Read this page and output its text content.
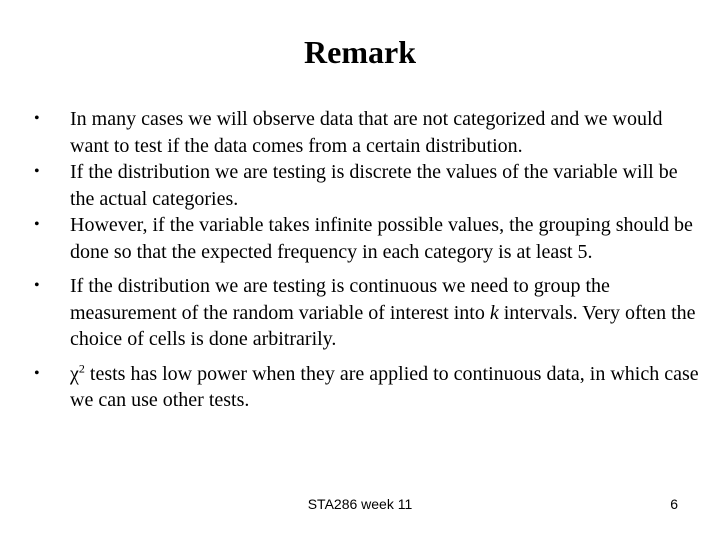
Remark
• In many cases we will observe data that are not categorized and we would want to test if the data comes from a certain distribution.
• If the distribution we are testing is discrete the values of the variable will be the actual categories.
• However, if the variable takes infinite possible values, the grouping should be done so that the expected frequency in each category is at least 5.
• If the distribution we are testing is continuous we need to group the measurement of the random variable of interest into k intervals. Very often the choice of cells is done arbitrarily.
• $\chi^2$ tests has low power when they are applied to continuous data, in which case we can use other tests.
STA286 week 11	6
